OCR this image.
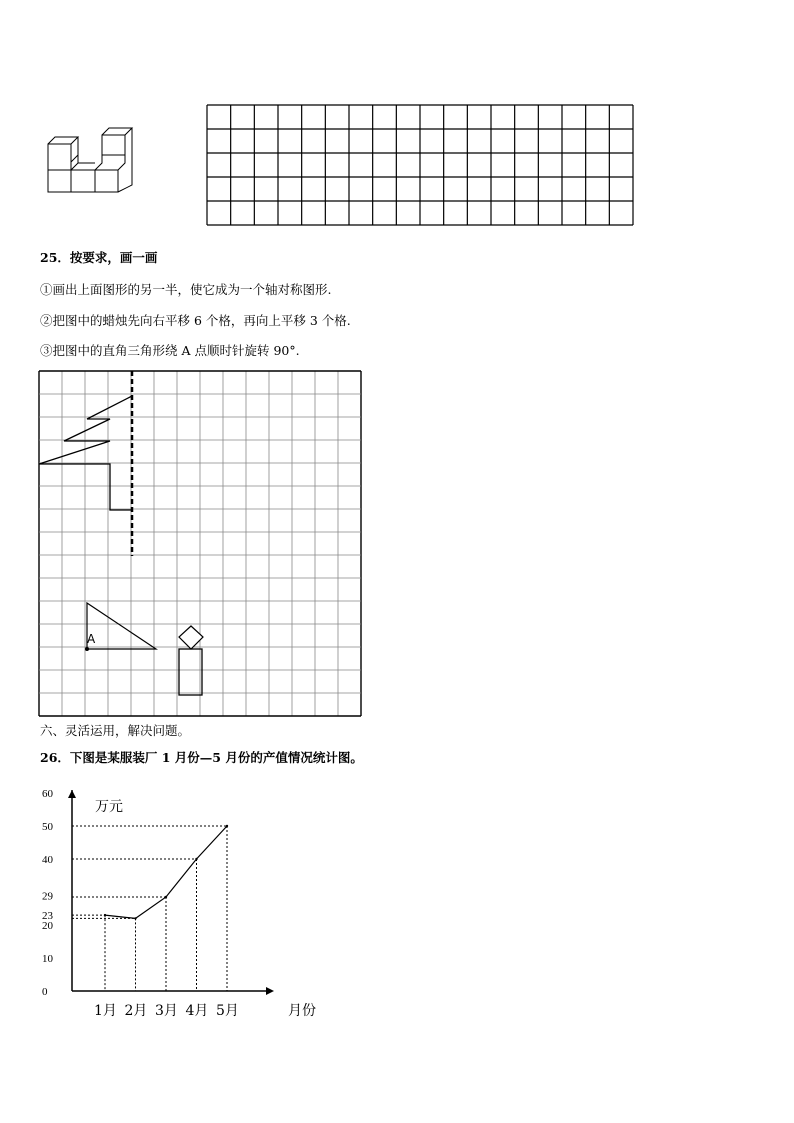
25．按要求，画一画
①画出上面图形的另一半，使它成为一个轴对称图形.
②把图中的蜡烛先向右平移 6 个格，再向上平移 3 个格.
③把图中的直角三角形绕 A 点顺时针旋转 90°.
A
六、灵活运用，解决问题。
26．下图是某服装厂 1 月份—5 月份的产值情况统计图。
0
10
20
23
29
40
50
60
万元
1月 2月 3月 4月 5月	月份
